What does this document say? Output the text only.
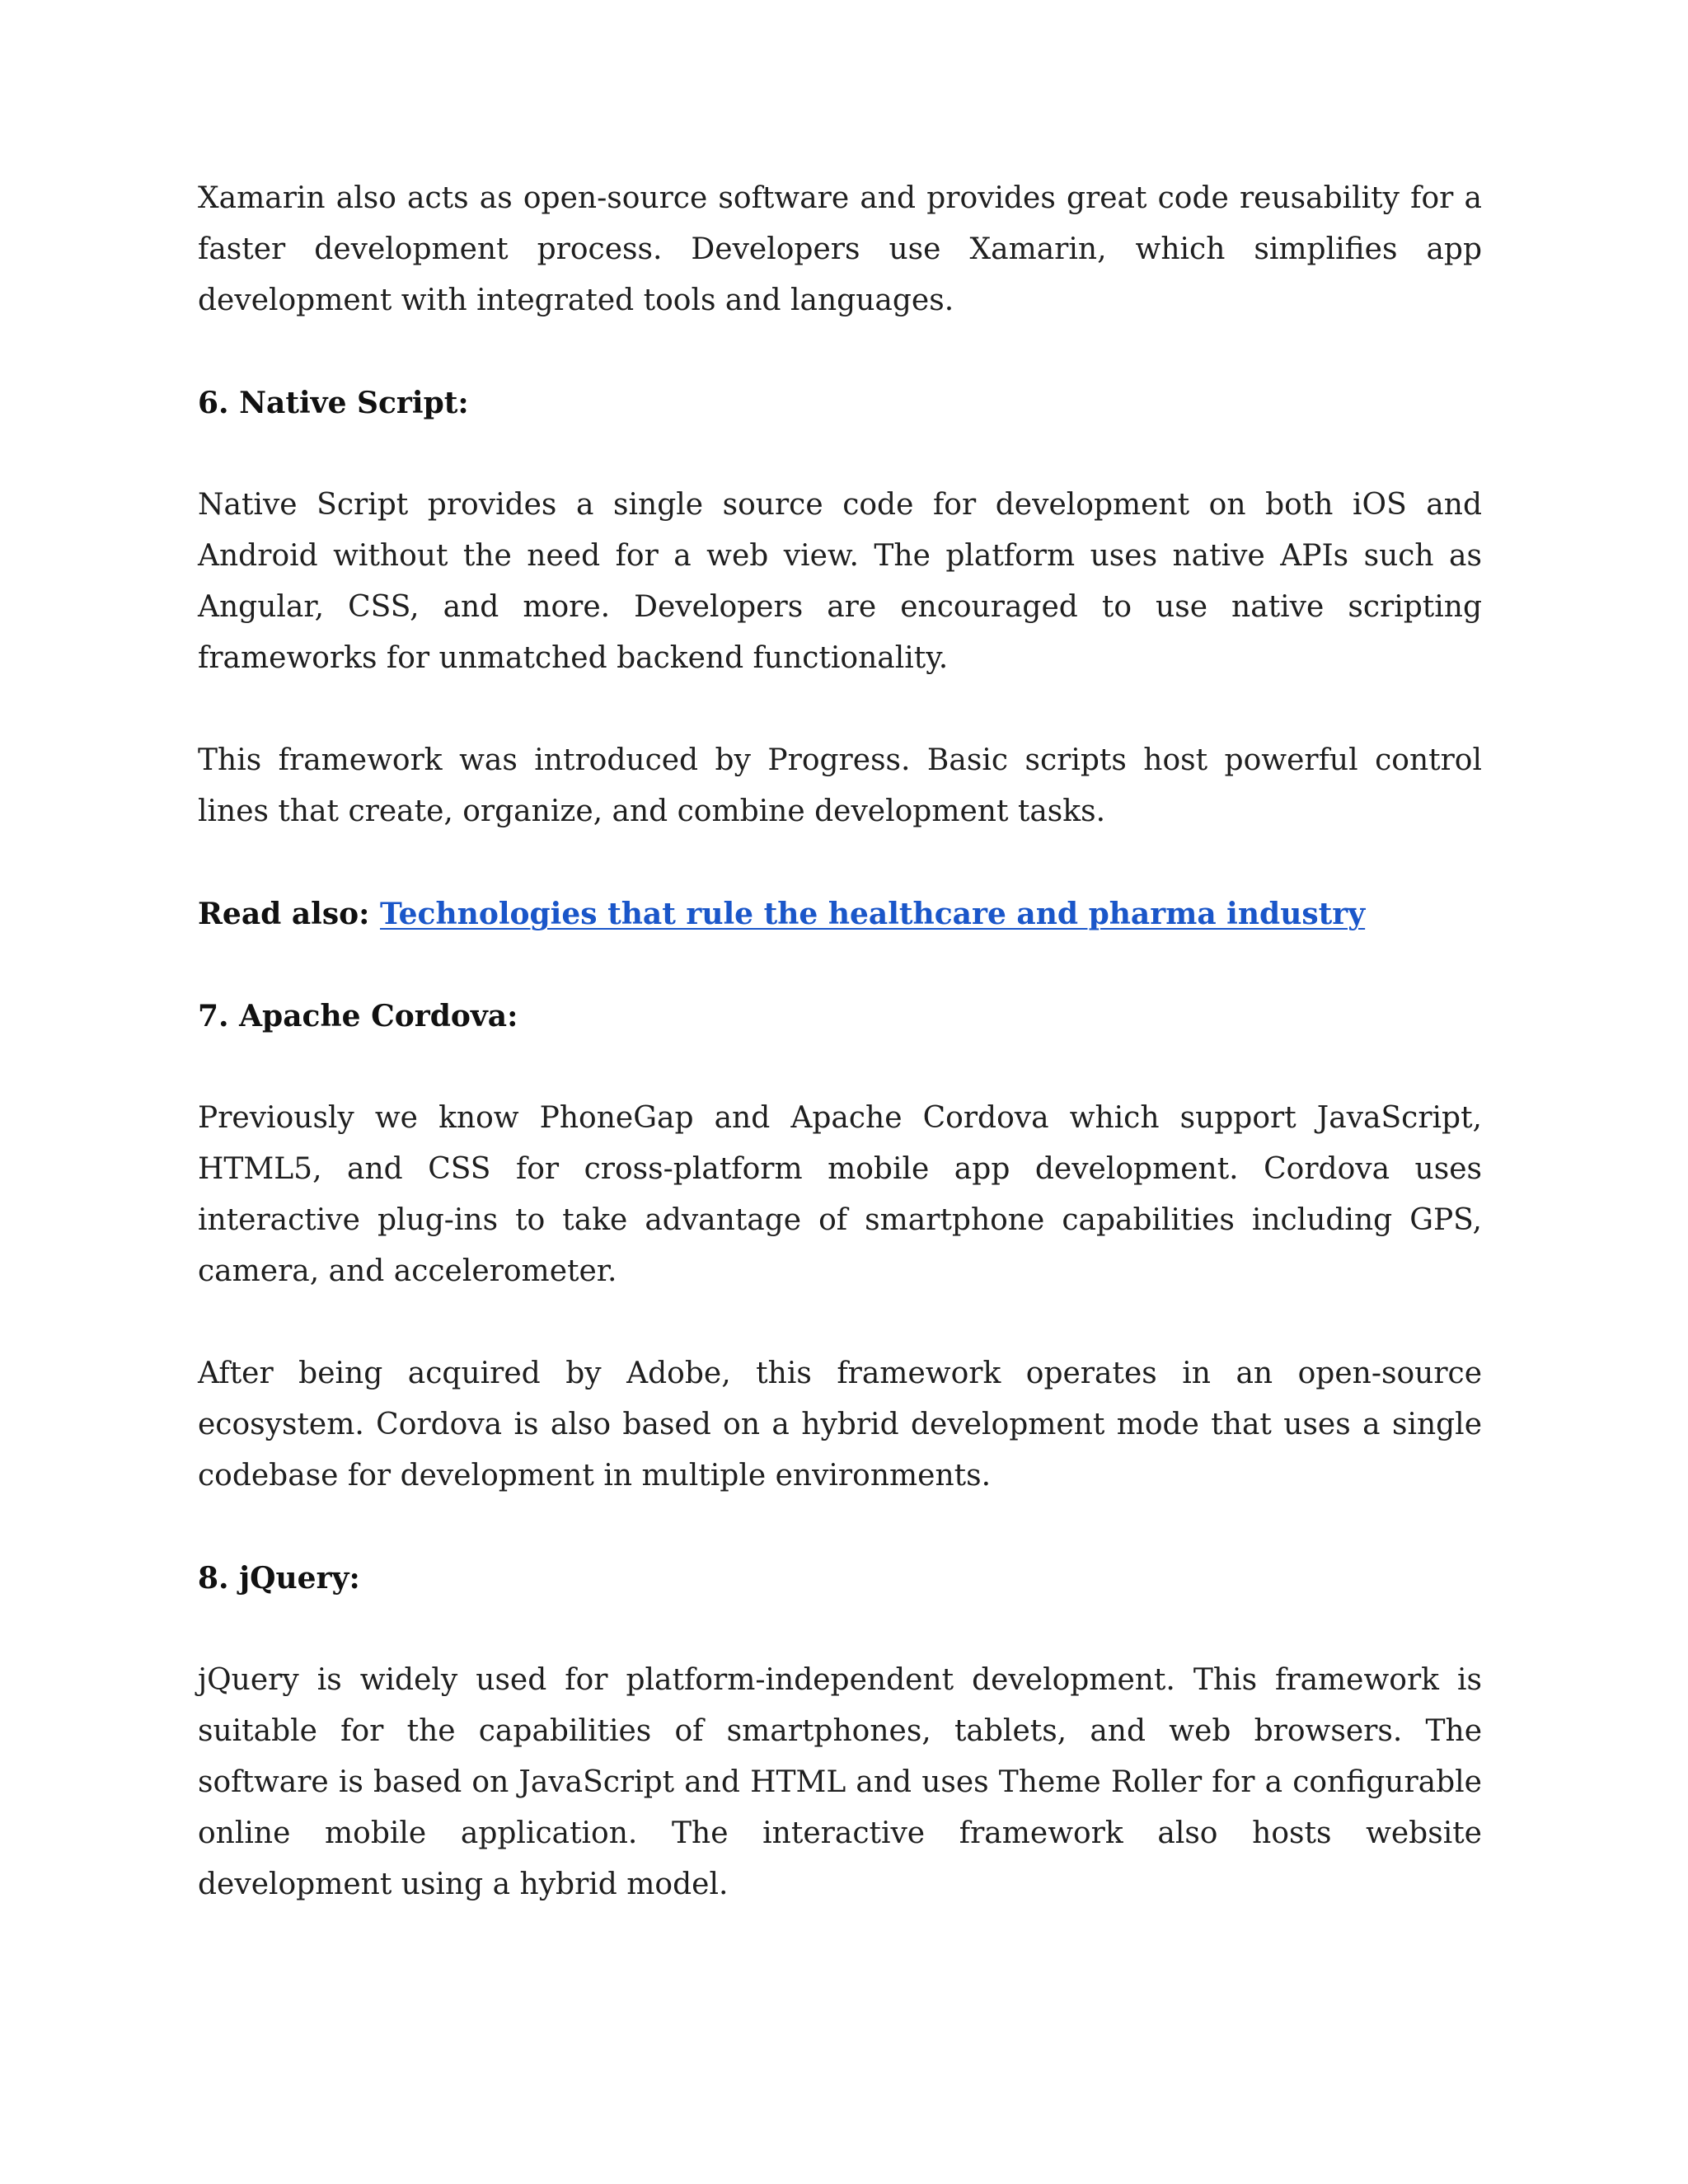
Xamarin also acts as open-source software and provides great code reusability for a faster development process. Developers use Xamarin, which simplifies app development with integrated tools and languages.

6. Native Script:

Native Script provides a single source code for development on both iOS and Android without the need for a web view. The platform uses native APIs such as Angular, CSS, and more. Developers are encouraged to use native scripting frameworks for unmatched backend functionality.

This framework was introduced by Progress. Basic scripts host powerful control lines that create, organize, and combine development tasks.

Read also: Technologies that rule the healthcare and pharma industry

7. Apache Cordova:

Previously we know PhoneGap and Apache Cordova which support JavaScript, HTML5, and CSS for cross-platform mobile app development. Cordova uses interactive plug-ins to take advantage of smartphone capabilities including GPS, camera, and accelerometer.

After being acquired by Adobe, this framework operates in an open-source ecosystem. Cordova is also based on a hybrid development mode that uses a single codebase for development in multiple environments.

8. jQuery:

jQuery is widely used for platform-independent development. This framework is suitable for the capabilities of smartphones, tablets, and web browsers. The software is based on JavaScript and HTML and uses Theme Roller for a configurable online mobile application. The interactive framework also hosts website development using a hybrid model.
